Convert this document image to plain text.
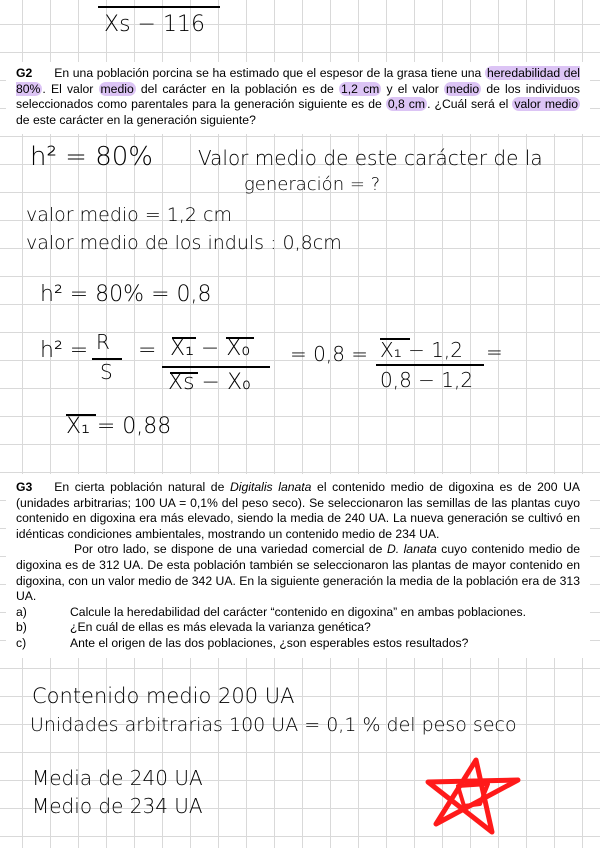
Xs − 116

G2 En una población porcina se ha estimado que el espesor de la grasa tiene una heredabilidad del 80% . El valor medio del carácter en la población es de 1,2 cm y el valor medio de los individuos seleccionados como parentales para la generación siguiente es de 0,8 cm . ¿Cuál será el valor medio de este carácter en la generación siguiente?

h² = 80% Valor medio de este carácter de la
generación = ?
valor medio = 1,2 cm
valor medio de los induls : 0,8cm
h² = 80% = 0,8
h² = R
S
= X₁ − X₀
Xs − X₀
= 0,8 = X₁ − 1,2
0,8 − 1,2
=
X₁ = 0,88

G3 En cierta población natural de Digitalis lanata el contenido medio de digoxina es de 200 UA (unidades arbitrarias; 100 UA = 0,1% del peso seco). Se seleccionaron las semillas de las plantas cuyo contenido en digoxina era más elevado, siendo la media de 240 UA. La nueva generación se cultivó en idénticas condiciones ambientales, mostrando un contenido medio de 234 UA.

Por otro lado, se dispone de una variedad comercial de D. lanata cuyo contenido medio de digoxina es de 312 UA. De esta población también se seleccionaron las plantas de mayor contenido en digoxina, con un valor medio de 342 UA. En la siguiente generación la media de la población era de 313 UA.

a)	Calcule la heredabilidad del carácter “contenido en digoxina” en ambas poblaciones.
b)	¿En cuál de ellas es más elevada la varianza genética?
c)	Ante el origen de las dos poblaciones, ¿son esperables estos resultados?
Contenido medio 200 UA
Unidades arbitrarias 100 UA = 0,1 % del peso seco
Media de 240 UA
Medio de 234 UA
